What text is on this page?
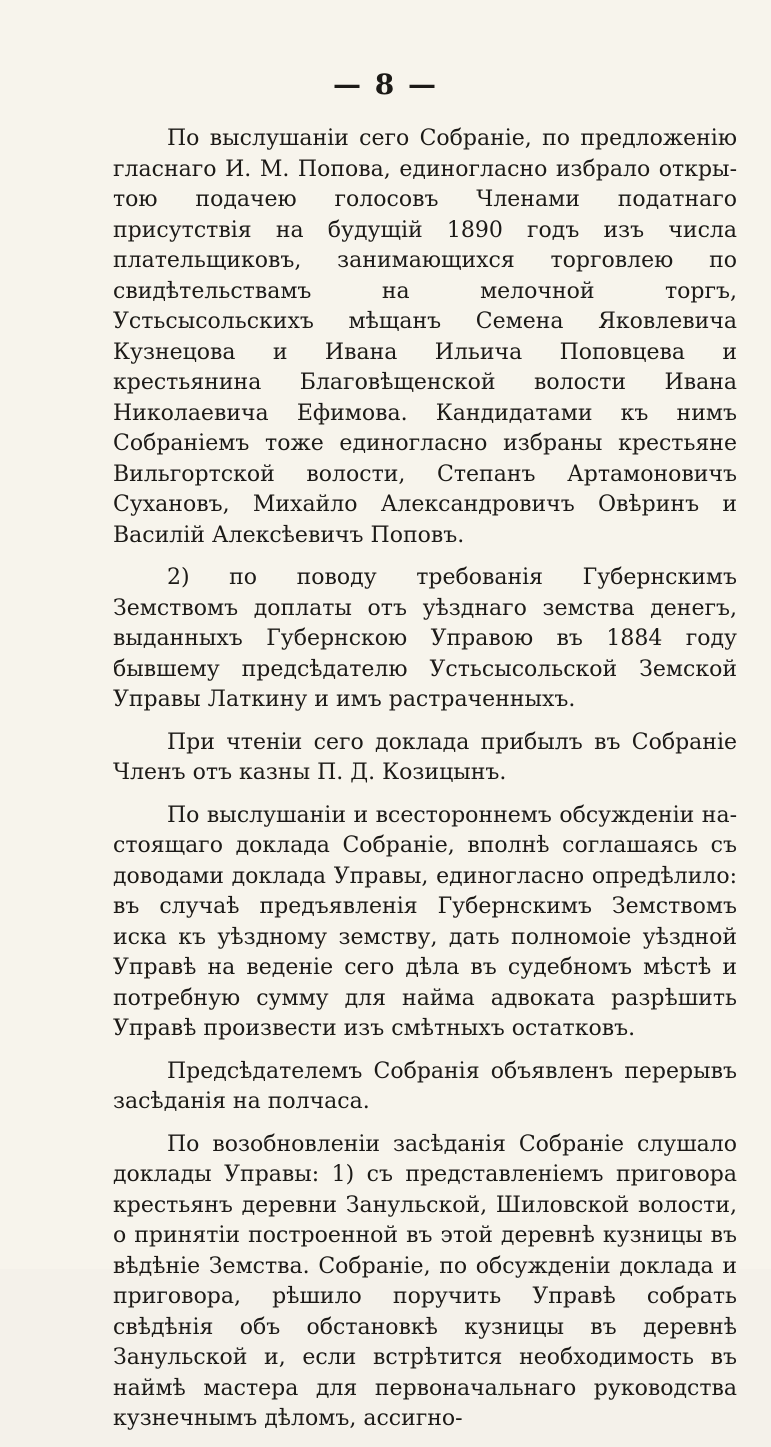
— 8 —

По выслушаніи сего Собраніе, по предложенію гласнаго И. М. Попова, единогласно избрало открытою подачею голосовъ Членами податнаго присутствія на будущій 1890 годъ изъ числа плательщиковъ, занимающихся торговлею по свидѣтельствамъ на мелочной торгъ, Устьсысольскихъ мѣщанъ Семена Яковлевича Кузнецова и Ивана Ильича Поповцева и крестьянина Благовѣщенской волости Ивана Николаевича Ефимова. Кандидатами къ нимъ Собраніемъ тоже единогласно избраны крестьяне Вильгортской волости, Степанъ Артамоновичъ Сухановъ, Михайло Александровичъ Овѣринъ и Василій Алексѣевичъ Поповъ.

2) по поводу требованія Губернскимъ Земствомъ доплаты отъ уѣзднаго земства денегъ, выданныхъ Губернскою Управою въ 1884 году бывшему предсѣдателю Устьсысольской Земской Управы Латкину и имъ растраченныхъ.

При чтеніи сего доклада прибылъ въ Собраніе Членъ отъ казны П. Д. Козицынъ.

По выслушаніи и всестороннемъ обсужденіи настоящаго доклада Собраніе, вполнѣ соглашаясь съ доводами доклада Управы, единогласно опредѣлило: въ случаѣ предъявленія Губернскимъ Земствомъ иска къ уѣздному земству, дать полномоіе уѣздной Управѣ на веденіе сего дѣла въ судебномъ мѣстѣ и потребную сумму для найма адвоката разрѣшить Управѣ произвести изъ смѣтныхъ остатковъ.

Предсѣдателемъ Собранія объявленъ перерывъ засѣданія на полчаса.

По возобновленіи засѣданія Собраніе слушало доклады Управы: 1) съ представленіемъ приговора крестьянъ деревни Занульской, Шиловской волости, о принятіи построенной въ этой деревнѣ кузницы въ вѣдѣніе Земства. Собраніе, по обсужденіи доклада и приговора, рѣшило поручить Управѣ собрать свѣдѣнія объ обстановкѣ кузницы въ деревнѣ Занульской и, если встрѣтится необходимость въ наймѣ мастера для первоначальнаго руководства кузнечнымъ дѣломъ, ассигно-
